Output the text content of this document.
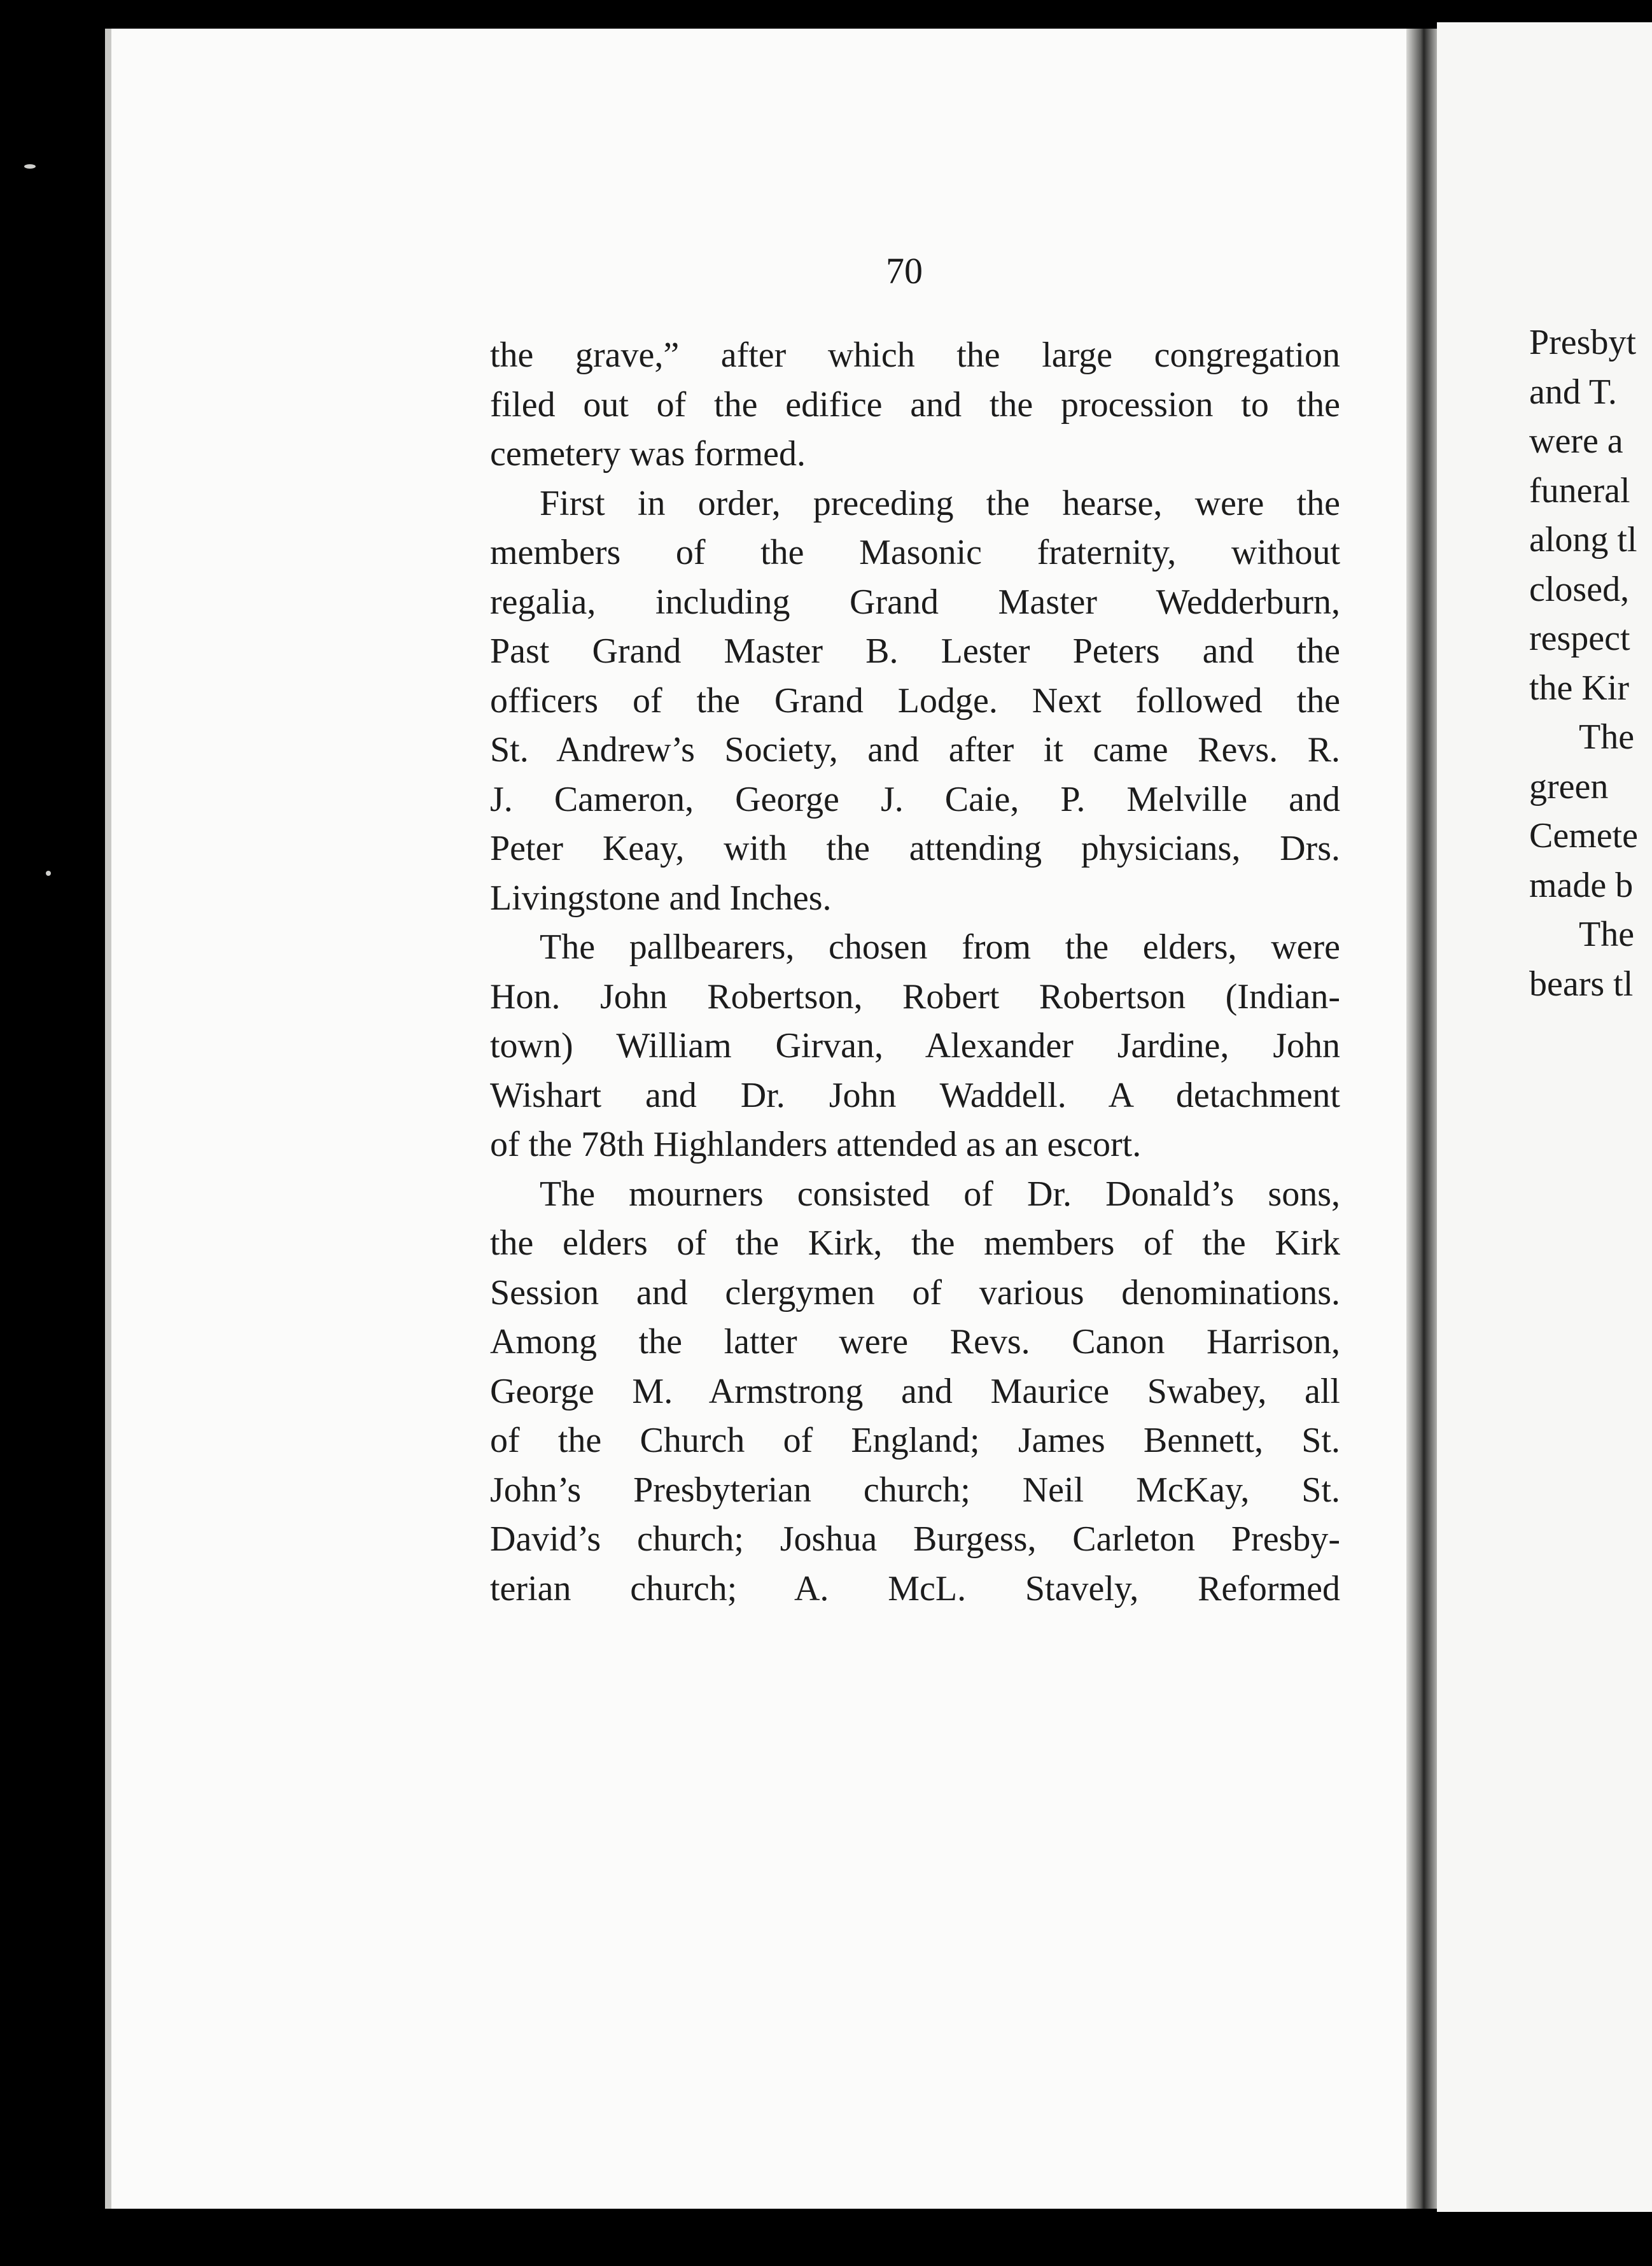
70

the grave,” after which the large congregation
filed out of the edifice and the procession to the
cemetery was formed.

First in order, preceding the hearse, were the
members of the Masonic fraternity, without
regalia, including Grand Master Wedderburn,
Past Grand Master B. Lester Peters and the
officers of the Grand Lodge. Next followed the
St. Andrew’s Society, and after it came Revs. R.
J. Cameron, George J. Caie, P. Melville and
Peter Keay, with the attending physicians, Drs.
Livingstone and Inches.

The pallbearers, chosen from the elders, were
Hon. John Robertson, Robert Robertson (Indian-
town) William Girvan, Alexander Jardine, John
Wishart and Dr. John Waddell. A detachment
of the 78th Highlanders attended as an escort.

The mourners consisted of Dr. Donald’s sons,
the elders of the Kirk, the members of the Kirk
Session and clergymen of various denominations.
Among the latter were Revs. Canon Harrison,
George M. Armstrong and Maurice Swabey, all
of the Church of England; James Bennett, St.
John’s Presbyterian church; Neil McKay, St.
David’s church; Joshua Burgess, Carleton Presby-
terian church; A. McL. Stavely, Reformed

Presbyt
and T.
were a
funeral
along tl
closed,
respect
the Kir
The
green
Cemete
made b
The
bears tl
